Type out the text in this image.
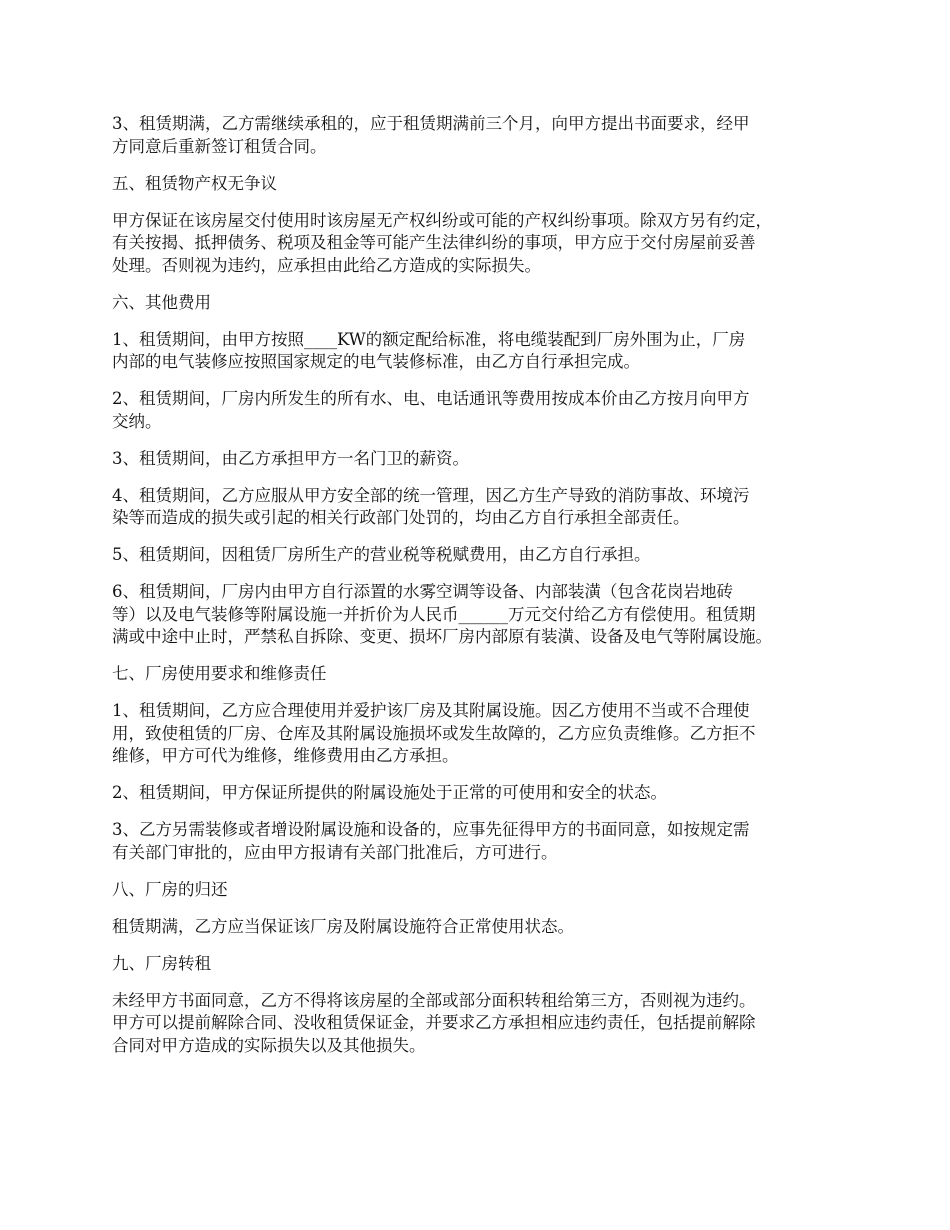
3、租赁期满，乙方需继续承租的，应于租赁期满前三个月，向甲方提出书面要求，经甲
方同意后重新签订租赁合同。
五、租赁物产权无争议
甲方保证在该房屋交付使用时该房屋无产权纠纷或可能的产权纠纷事项。除双方另有约定，
有关按揭、抵押债务、税项及租金等可能产生法律纠纷的事项，甲方应于交付房屋前妥善
处理。否则视为违约，应承担由此给乙方造成的实际损失。
六、其他费用
1、租赁期间，由甲方按照____KW的额定配给标准，将电缆装配到厂房外围为止，厂房
内部的电气装修应按照国家规定的电气装修标准，由乙方自行承担完成。
2、租赁期间，厂房内所发生的所有水、电、电话通讯等费用按成本价由乙方按月向甲方
交纳。
3、租赁期间，由乙方承担甲方一名门卫的薪资。
4、租赁期间，乙方应服从甲方安全部的统一管理，因乙方生产导致的消防事故、环境污
染等而造成的损失或引起的相关行政部门处罚的，均由乙方自行承担全部责任。
5、租赁期间，因租赁厂房所生产的营业税等税赋费用，由乙方自行承担。
6、租赁期间，厂房内由甲方自行添置的水雾空调等设备、内部装潢（包含花岗岩地砖
等）以及电气装修等附属设施一并折价为人民币______万元交付给乙方有偿使用。租赁期
满或中途中止时，严禁私自拆除、变更、损坏厂房内部原有装潢、设备及电气等附属设施。
七、厂房使用要求和维修责任
1、租赁期间，乙方应合理使用并爱护该厂房及其附属设施。因乙方使用不当或不合理使
用，致使租赁的厂房、仓库及其附属设施损坏或发生故障的，乙方应负责维修。乙方拒不
维修，甲方可代为维修，维修费用由乙方承担。
2、租赁期间，甲方保证所提供的附属设施处于正常的可使用和安全的状态。
3、乙方另需装修或者增设附属设施和设备的，应事先征得甲方的书面同意，如按规定需
有关部门审批的，应由甲方报请有关部门批准后，方可进行。
八、厂房的归还
租赁期满，乙方应当保证该厂房及附属设施符合正常使用状态。
九、厂房转租
未经甲方书面同意，乙方不得将该房屋的全部或部分面积转租给第三方，否则视为违约。
甲方可以提前解除合同、没收租赁保证金，并要求乙方承担相应违约责任，包括提前解除
合同对甲方造成的实际损失以及其他损失。
